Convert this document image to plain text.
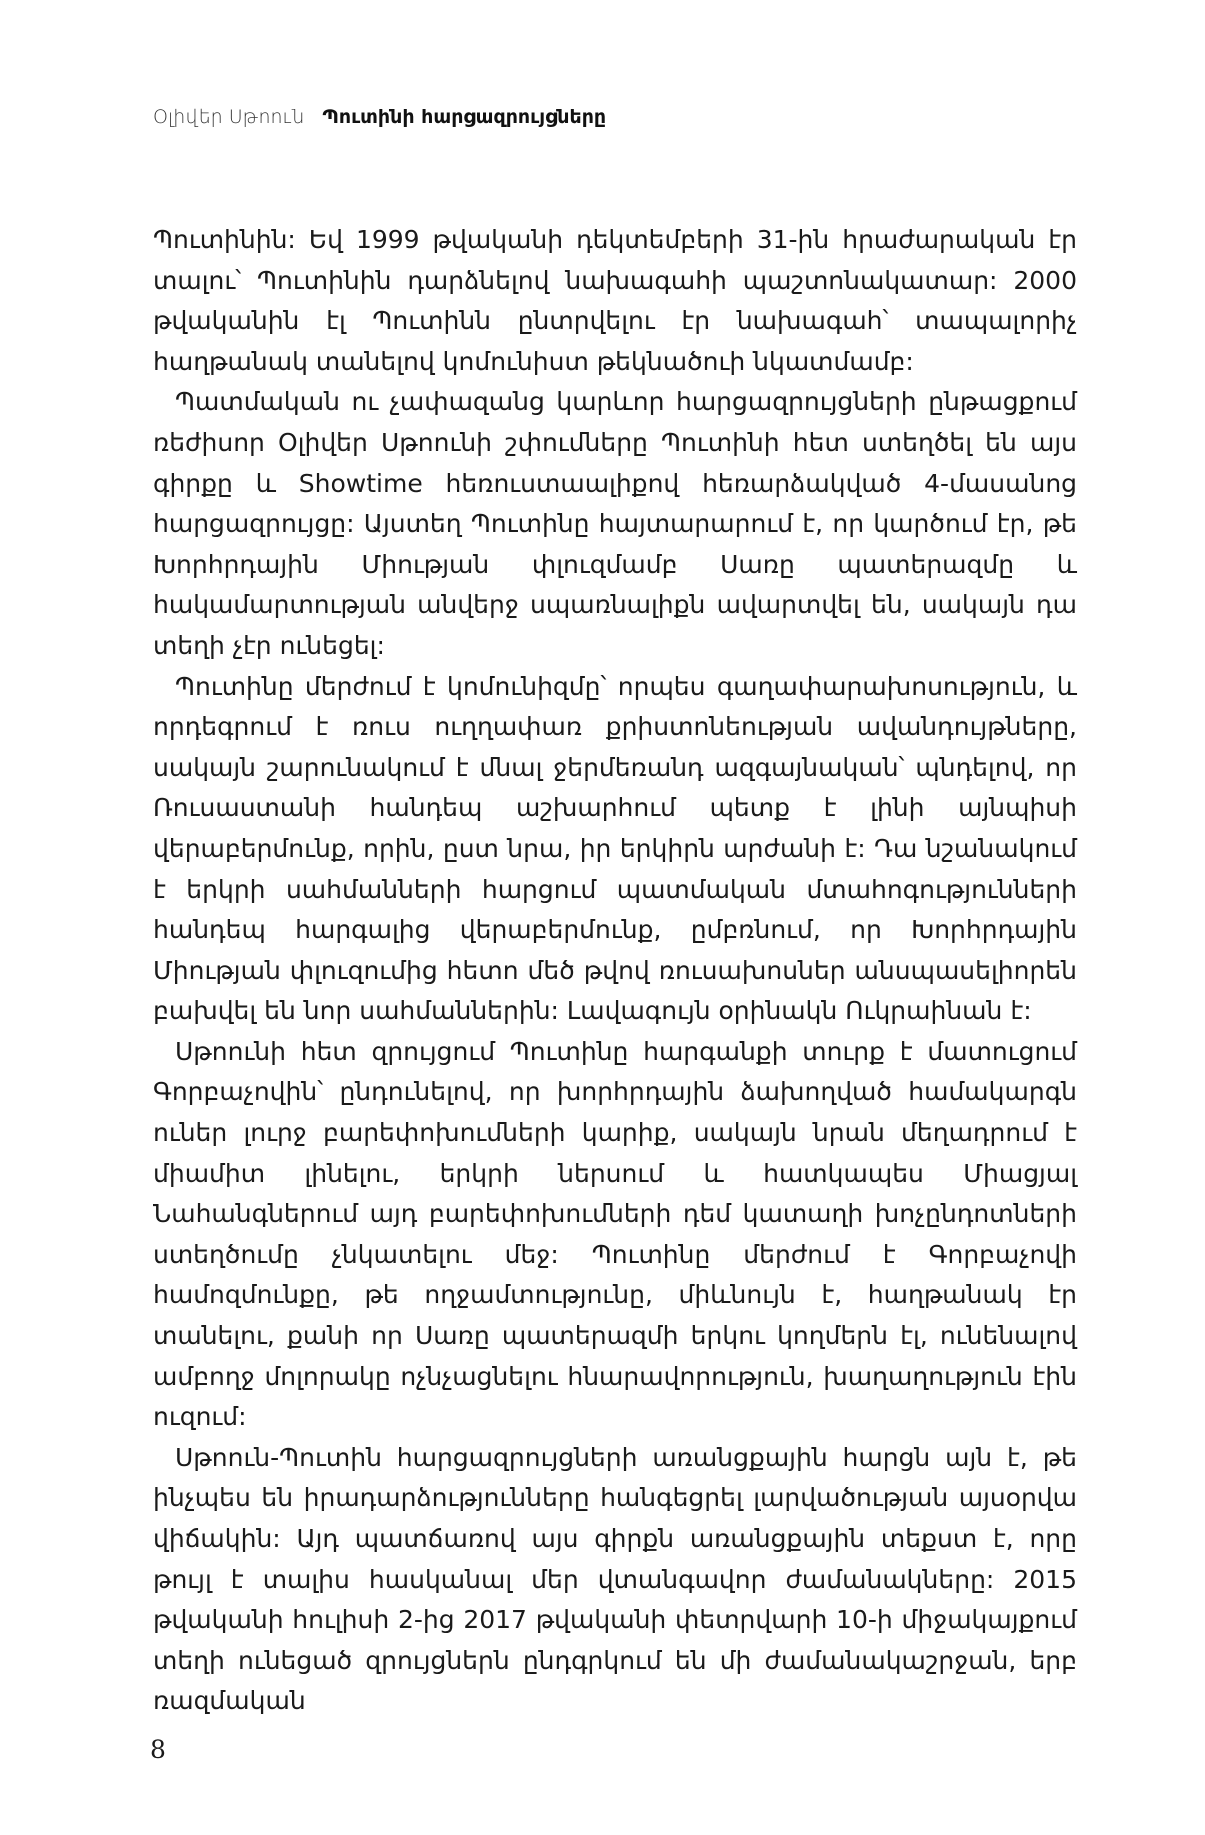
Օլիվեր Սթոուն Պուտինի հարցազրույցները

Պուտինին: Եվ 1999 թվականի դեկտեմբերի 31-ին հրաժարական էր տալու՝ Պուտինին դարձնելով նախագահի պաշտոնակատար: 2000 թվականին էլ Պուտինն ընտրվելու էր նախագահ՝ տապալորիչ հաղթանակ տանելով կոմունիստ թեկնածուի նկատմամբ:

Պատմական ու չափազանց կարևոր հարցազրույցների ընթացքում ռեժիսոր Օլիվեր Սթոունի շփումները Պուտինի հետ ստեղծել են այս գիրքը և Showtime հեռուստաալիքով հեռարձակված 4-մասանոց հարցազրույցը: Այստեղ Պուտինը հայտարարում է, որ կարծում էր, թե Խորհրդային Միության փլուզմամբ Սառը պատերազմը և հակամարտության անվերջ սպառնալիքն ավարտվել են, սակայն դա տեղի չէր ունեցել:

Պուտինը մերժում է կոմունիզմը՝ որպես գաղափարախոսություն, և որդեգրում է ռուս ուղղափառ քրիստոնեության ավանդույթները, սակայն շարունակում է մնալ ջերմեռանդ ազգայնական՝ պնդելով, որ Ռուսաստանի հանդեպ աշխարհում պետք է լինի այնպիսի վերաբերմունք, որին, ըստ նրա, իր երկիրն արժանի է: Դա նշանակում է երկրի սահմանների հարցում պատմական մտահոգությունների հանդեպ հարգալից վերաբերմունք, ըմբռնում, որ Խորհրդային Միության փլուզումից հետո մեծ թվով ռուսախոսներ անսպասելիորեն բախվել են նոր սահմաններին: Լավագույն օրինակն Ուկրաինան է:

Սթոունի հետ զրույցում Պուտինը հարգանքի տուրք է մատուցում Գորբաչովին՝ ընդունելով, որ խորհրդային ձախողված համակարգն ուներ լուրջ բարեփոխումների կարիք, սակայն նրան մեղադրում է միամիտ լինելու, երկրի ներսում և հատկապես Միացյալ Նահանգներում այդ բարեփոխումների դեմ կատաղի խոչընդոտների ստեղծումը չնկատելու մեջ: Պուտինը մերժում է Գորբաչովի համոզմունքը, թե ողջամտությունը, միևնույն է, հաղթանակ էր տանելու, քանի որ Սառը պատերազմի երկու կողմերն էլ, ունենալով ամբողջ մոլորակը ոչնչացնելու հնարավորություն, խաղաղություն էին ուզում:

Սթոուն-Պուտին հարցազրույցների առանցքային հարցն այն է, թե ինչպես են իրադարձությունները հանգեցրել լարվածության այսօրվա վիճակին: Այդ պատճառով այս գիրքն առանցքային տեքստ է, որը թույլ է տալիս հասկանալ մեր վտանգավոր ժամանակները: 2015 թվականի հուլիսի 2-ից 2017 թվականի փետրվարի 10-ի միջակայքում տեղի ունեցած զրույցներն ընդգրկում են մի ժամանակաշրջան, երբ ռազմական

8
